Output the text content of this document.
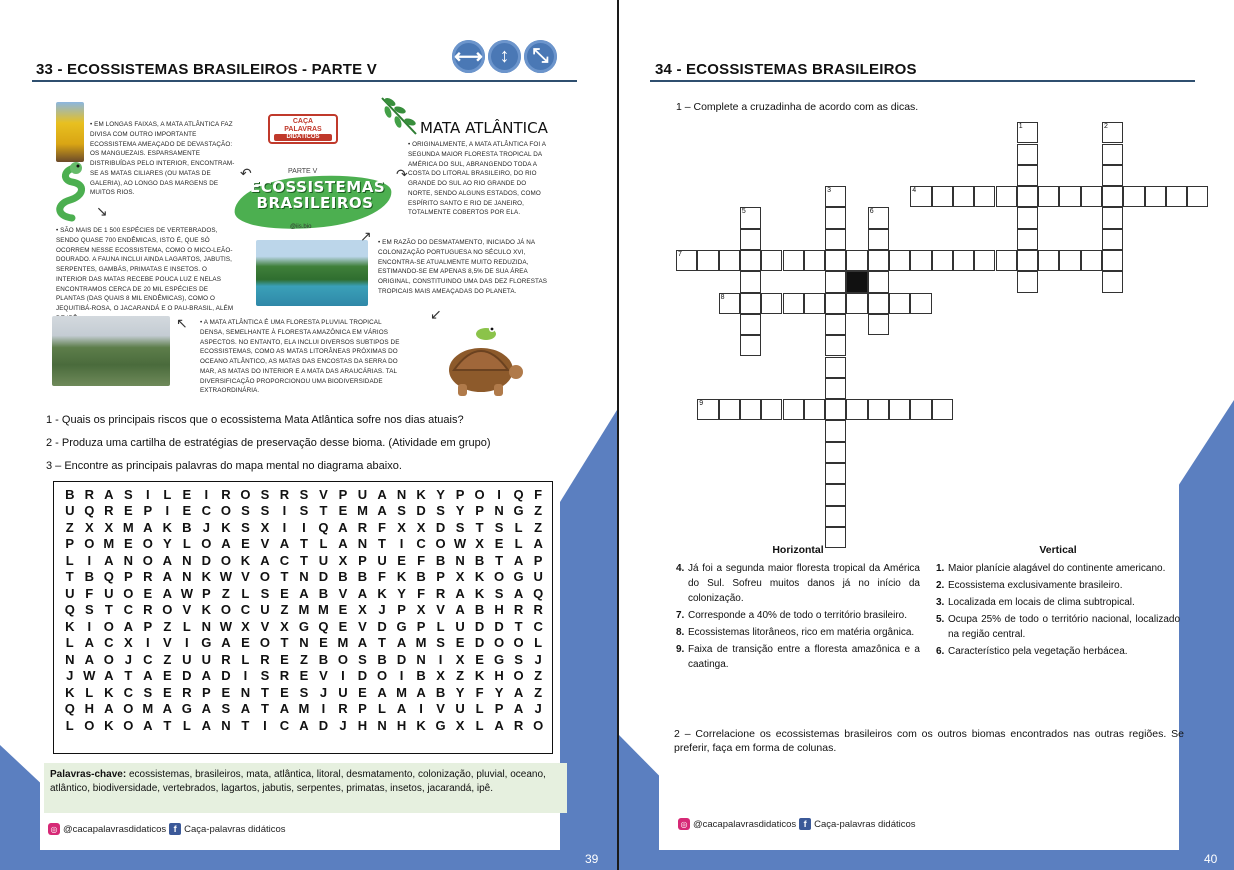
39
33 - ECOSSISTEMAS BRASILEIROS - PARTE V
⟷ ↕	⤡
• EM LONGAS FAIXAS, A MATA ATLÂNTICA FAZ DIVISA COM OUTRO IMPORTANTE ECOSSISTEMA AMEAÇADO DE DEVASTAÇÃO: OS MANGUEZAIS. ESPARSAMENTE DISTRIBUÍDAS PELO INTERIOR, ENCONTRAM-SE AS MATAS CILIARES (OU MATAS DE GALERIA), AO LONGO DAS MARGENS DE MUITOS RIOS.
CAÇA
PALAVRAS
DIDÁTICOS
PARTE V
ECOSSISTEMAS
BRASILEIROS
@iis.bio
MATA ATLÂNTICA
• ORIGINALMENTE, A MATA ATLÂNTICA FOI A SEGUNDA MAIOR FLORESTA TROPICAL DA AMÉRICA DO SUL, ABRANGENDO TODA A COSTA DO LITORAL BRASILEIRO, DO RIO GRANDE DO SUL AO RIO GRANDE DO NORTE, SENDO ALGUNS ESTADOS, COMO ESPÍRITO SANTO E RIO DE JANEIRO, TOTALMENTE COBERTOS POR ELA.
• SÃO MAIS DE 1 500 ESPÉCIES DE VERTEBRADOS, SENDO QUASE 700 ENDÊMICAS, ISTO É, QUE SÓ OCORREM NESSE ECOSSISTEMA, COMO O MICO-LEÃO-DOURADO. A FAUNA INCLUI AINDA LAGARTOS, JABUTIS, SERPENTES, GAMBÁS, PRIMATAS E INSETOS. O INTERIOR DAS MATAS RECEBE POUCA LUZ E NELAS ENCONTRAMOS CERCA DE 20 MIL ESPÉCIES DE PLANTAS (DAS QUAIS 8 MIL ENDÊMICAS), COMO O JEQUITIBÁ-ROSA, O JACARANDÁ E O PAU-BRASIL, ALÉM
• EM RAZÃO DO DESMATAMENTO, INICIADO JÁ NA COLONIZAÇÃO PORTUGUESA NO SÉCULO XVI, ENCONTRA-SE ATUALMENTE MUITO REDUZIDA, ESTIMANDO-SE EM APENAS 8,5% DE SUA ÁREA ORIGINAL, CONSTITUINDO UMA DAS DEZ FLORESTAS TROPICAIS MAIS AMEAÇADAS DO PLANETA.
• A MATA ATLÂNTICA É UMA FLORESTA PLUVIAL TROPICAL DENSA, SEMELHANTE À FLORESTA AMAZÔNICA EM VÁRIOS ASPECTOS. NO ENTANTO, ELA INCLUI DIVERSOS SUBTIPOS DE ECOSSISTEMAS, COMO AS MATAS LITORÂNEAS PRÓXIMAS DO OCEANO ATLÂNTICO, AS MATAS DAS ENCOSTAS DA SERRA DO MAR, AS MATAS DO INTERIOR E A MATA DAS ARAUCÁRIAS. TAL DIVERSIFICAÇÃO PROPORCIONOU UMA BIODIVERSIDADE EXTRAORDINÁRIA.
↶	↷
↘
↗
↖
↙
1 - Quais os principais riscos que o ecossistema Mata Atlântica sofre nos dias atuais?
2 - Produza uma cartilha de estratégias de preservação desse bioma. (Atividade em grupo)
3 – Encontre as principais palavras do mapa mental no diagrama abaixo.
B R A S	I	L E	I	R O S R S V P U A N K Y P O I Q F
U Q R E P	I	E C O S S	I	S T E M A S D S Y P N G Z
Z X X M A K B J K S X	I	I Q A R F X X D S T S L Z
P O M E O Y L O A E V A T L A N T	I	C O W X E L A
L	I	A N O A N D O K A C T U X P U E F B N B T A P
T B Q P R A N K W V O T N D B B F K B P X K O G U
U F U O E A W P Z L S E A B V A K Y F R A K S A Q
Q S T C R O V K O C U Z M M E X J P X V A B H R R
K	I O A P Z L N W X V X G Q E V D G P L U D D T C
L A C X	I	V	I G A E O T N E M A T A M S E D O O L
N A O J C Z U U R L R E Z B O S B D N	I	X E G S J
J W A T A E D A D	I	S R E V	I	D O I	B X Z K H O Z
K L K C S E R P E N T E S J U E A M A B Y F Y A Z
Q H A O M A G A S A T A M I	R P L A	I	V U L P A J
L O K O A T L A N T	I	C A D J H N H K G X L A R O
Palavras-chave: ecossistemas, brasileiros, mata, atlântica, litoral, desmatamento, colonização, pluvial, oceano, atlântico, biodiversidade, vertebrados, lagartos, jabutis, serpentes, primatas, insetos, jacarandá, ipê.
◎ @cacapalavrasdidaticos f Caça-palavras didáticos
40
34 - ECOSSISTEMAS BRASILEIROS
1 – Complete a cruzadinha de acordo com as dicas.
1	2
4
3
5	6
7
8
9
Horizontal
4. Já foi a segunda maior floresta tropical da América do Sul. Sofreu muitos danos já no início da colonização.
7. Corresponde a 40% de todo o território brasileiro.
8. Ecossistemas litorâneos, rico em matéria orgânica.
9. Faixa de transição entre a floresta amazônica e a caatinga.
Vertical
1. Maior planície alagável do continente americano.
2. Ecossistema exclusivamente brasileiro.
3. Localizada em locais de clima subtropical.
5. Ocupa 25% de todo o território nacional, localizado na região central.
6. Característico pela vegetação herbácea.
2 – Correlacione os ecossistemas brasileiros com os outros biomas encontrados nas outras regiões. Se preferir, faça em forma de colunas.
◎ @cacapalavrasdidaticos f Caça-palavras didáticos
